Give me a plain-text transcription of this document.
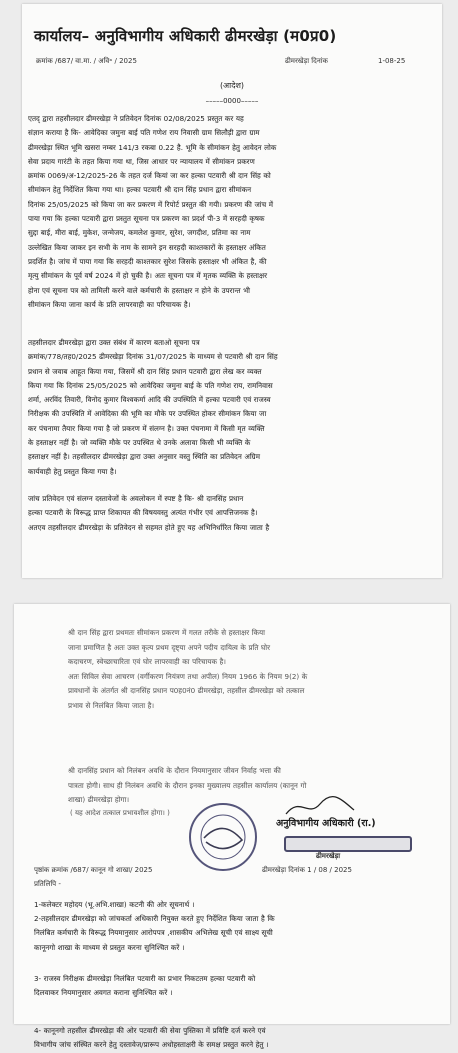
कार्यालय– अनुविभागीय अधिकारी ढीमरखेड़ा (म0प्र0)
क्रमांक /687/ वा.मा. / अवि॰ / 2025	ढीमरखेड़ा दिनांक	1-08-25
(आदेश)
–––––0000–––––
एतद् द्वारा तहसीलदार ढीमरखेड़ा ने प्रतिवेदन दिनांक 02/08/2025 प्रस्तुत कर यह
संज्ञान कराया है कि- आवेदिका जमुना बाई पति गणेश राय निवासी ग्राम सिलौड़ी द्वारा ग्राम
ढीमरखेड़ा स्थित भूमि खसरा नम्बर 141/3 रकबा 0.22 है. भूमि के सीमांकन हेतु आवेदन लोक
सेवा प्रदाय गारंटी के तहत किया गया था, जिस आधार पर न्यायालय में सीमांकन प्रकरण
क्रमांक 0069/अ-12/2025-26 के तहत दर्ज कियां जा कर हल्का पटवारी श्री दान सिंह को
सीमांकन हेतु निर्देशित किया गया था। हल्का पटवारी श्री दान सिंह प्रधान द्वारा सीमांकन
दिनांक 25/05/2025 को किया जा कर प्रकरण में रिपोर्ट प्रस्तुत की गयी। प्रकरण की जांच में
पाया गया कि हल्का पटवारी द्वारा प्रस्तुत सूचना पत्र प्रकरण का प्रदर्श पी-3 में सरहदी कृषक
सुद्दा बाई, मीरा बाई, मुकेश, जन्मेजय, कमलेश कुमार, सुरेश, जगदीश, प्रतिमा का नाम
उल्लेखित किया जाकर इन सभी के नाम के सामने इन सरहदी काश्तकारों के हस्ताक्षर अंकित
प्रदर्शित है। जांच में पाया गया कि सरहदी काश्तकार सुरेश जिसके हस्ताक्षर भी अंकित है, की
मृत्यु सीमांकन के पूर्व वर्ष 2024 में हो चुकी है। अतः सूचना पत्र में मृतक व्यक्ति के हस्ताक्षर
होना एवं सूचना पत्र को तामिली करने वाले कर्मचारी के हस्ताक्षर न होने के उपरान्त भी
सीमांकन किया जाना कार्य के प्रति लापरवाही का परिचायक है।
तहसीलदार ढीमरखेड़ा द्वारा उक्त संबंध में कारण बताओ सूचना पत्र
क्रमांक/778/तह0/2025 ढीमरखेड़ा दिनांक 31/07/2025 के माध्यम से पटवारी श्री दान सिंह
प्रधान से जवाब आहूत किया गया, जिसमें श्री दान सिंह प्रधान पटवारी द्वारा लेख कर व्यक्त
किया गया कि दिनांक 25/05/2025 को आवेदिका जमुना बाई के पति गणेश राय, रामनिवास
शर्मा, अरविंद तिवारी, विनोद कुमार विश्वकर्मा आदि की उपस्थिति में हल्का पटवारी एवं राजस्व
निरीक्षक की उपस्थिति में आवेदिका की भूमि का मौके पर उपस्थित होकर सीमांकन किया जा
कर पंचनामा तैयार किया गया है जो प्रकरण में संलग्न है। उक्त पंचनामा में किसी मृत व्यक्ति
के हस्ताक्षर नहीं है। जो व्यक्ति मौके पर उपस्थित थे उनके अलावा किसी भी व्यक्ति के
हस्ताक्षर नहीं है। तहसीलदार ढीमरखेड़ा द्वारा उक्त अनुसार वस्तु स्थिति का प्रतिवेदन अग्रिम
कार्यवाही हेतु प्रस्तुत किया गया है।
जांच प्रतिवेदन एवं संलग्न दस्तावेजों के अवलोकन में स्पष्ट है कि- श्री दानसिंह प्रधान
हल्का पटवारी के विरूद्ध प्राप्त शिकायत की विषयवस्तु अत्यंत गंभीर एवं आपत्तिजनक है।
अतएव तहसीलदार ढीमरखेड़ा के प्रतिवेदन से सहमत होते हुए यह अभिनिर्धारित किया जाता है
श्री दान सिंह द्वारा प्रथमतः सीमांकन प्रकरण में गलत तरीके से हस्ताक्षर किया
जाना प्रमाणित है अतः उक्त कृत्य प्रथम दृष्ट्या अपने पदीय दायित्व के प्रति घोर
कदाचरण, स्वेच्छाचारिता एवं घोर लापरवाही का परिचायक है।
अतः सिविल सेवा आचरण (वर्गीकरण नियंत्रण तथा अपील) नियम 1966 के नियम 9(2) के
प्रावधानों के अंतर्गत श्री दानसिंह प्रधान प0ह0नं0 ढीमरखेड़ा, तहसील ढीमरखेड़ा को तत्काल
प्रभाव से निलंबित किया जाता है।
श्री दानसिंह प्रधान को निलंबन अवधि के दौरान नियमानुसार जीवन निर्वाह भत्ता की
पात्रता होगी। साथ ही निलंबन अवधि के दौरान इनका मुख्यालय तहसील कार्यालय (कानून गो
शाखा) ढीमरखेड़ा होगा।
( यह आदेश तत्काल प्रभावशील होगा। )
अनुविभागीय अधिकारी (रा.)
ढीमरखेड़ा
पृष्ठांक क्रमांक /687/ कानून गो शाखा/ 2025	ढीमरखेड़ा दिनांक 1 / 08 / 2025
प्रतिलिपि -
1-कलेक्टर महोदय (भू.अभि.शाखा) कटनी की ओर सूचनार्थ ।
2-तहसीलदार ढीमरखेड़ा को जांचकर्ता अधिकारी नियुक्त करते हुए निर्देशित किया जाता है कि
निलंबित कर्मचारी के विरूद्ध नियमानुसार आरोपपत्र ,शासकीय अभिलेख सूची एवं साक्ष्य सूची
कानूनगो शाखा के माध्यम से प्रस्तुत करना सुनिश्चित करें ।
3- राजस्व निरीक्षक ढीमरखेड़ा निलंबित पटवारी का प्रभार निकटतम हल्का पटवारी को
दिलवाकर नियमानुसार अवगत कराना सुनिश्चित करें ।
4- कानूनगो तहसील ढीमरखेड़ा की ओर पटवारी की सेवा पुस्तिका में प्रविष्टि दर्ज करने एवं
विभागीय जांच संस्थित करने हेतु दस्तावेज/प्रारूप अधोहस्ताक्षरी के समक्ष प्रस्तुत करने हेतु ।
